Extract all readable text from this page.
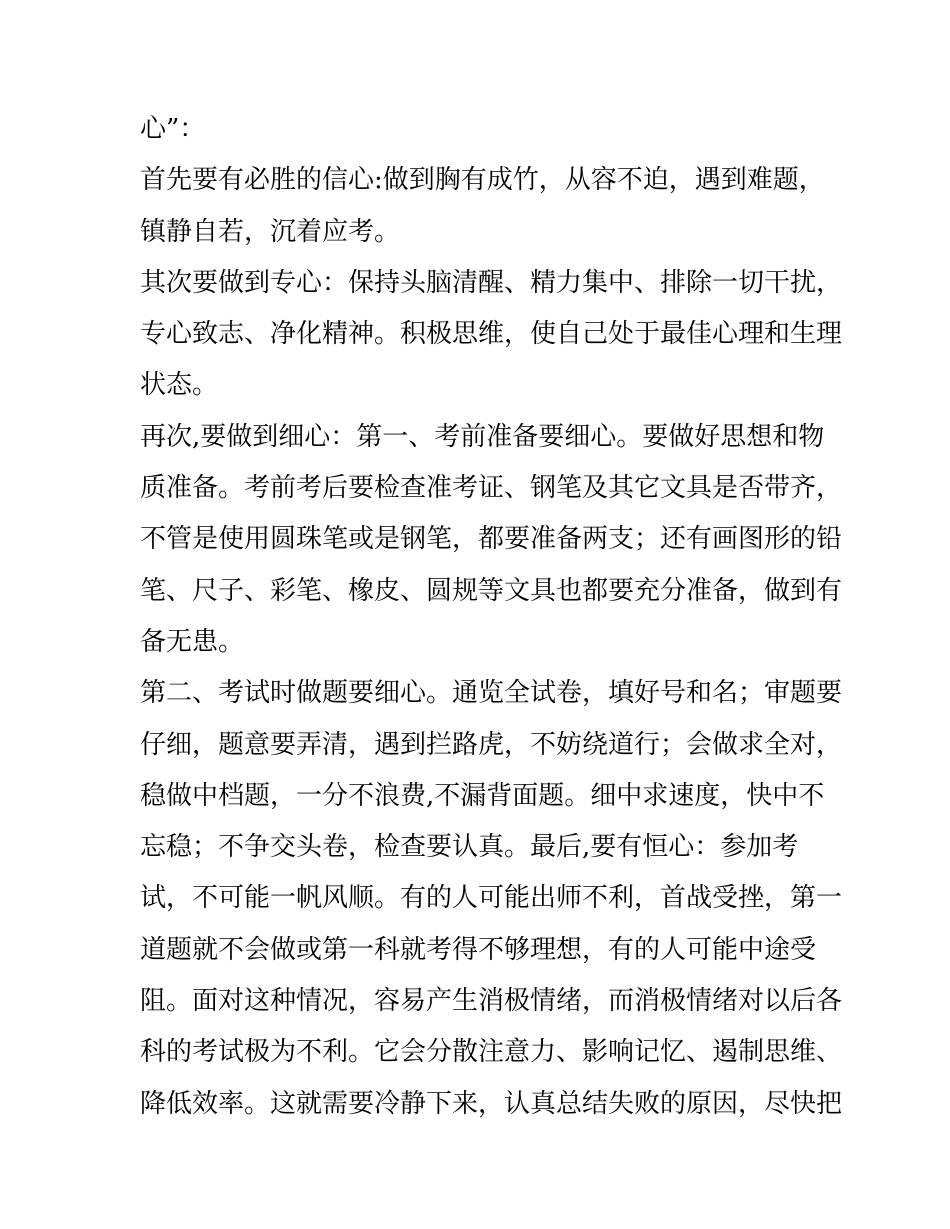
心”：
首先要有必胜的信心:做到胸有成竹，从容不迫，遇到难题，
镇静自若，沉着应考。
其次要做到专心：保持头脑清醒、精力集中、排除一切干扰，
专心致志、净化精神。积极思维，使自己处于最佳心理和生理
状态。
再次,要做到细心：第一、考前准备要细心。要做好思想和物
质准备。考前考后要检查准考证、钢笔及其它文具是否带齐，
不管是使用圆珠笔或是钢笔，都要准备两支；还有画图形的铅
笔、尺子、彩笔、橡皮、圆规等文具也都要充分准备，做到有
备无患。
第二、考试时做题要细心。通览全试卷，填好号和名；审题要
仔细，题意要弄清，遇到拦路虎，不妨绕道行；会做求全对，
稳做中档题，一分不浪费,不漏背面题。细中求速度，快中不
忘稳；不争交头卷，检查要认真。最后,要有恒心：参加考
试，不可能一帆风顺。有的人可能出师不利，首战受挫，第一
道题就不会做或第一科就考得不够理想，有的人可能中途受
阻。面对这种情况，容易产生消极情绪，而消极情绪对以后各
科的考试极为不利。它会分散注意力、影响记忆、遏制思维、
降低效率。这就需要冷静下来，认真总结失败的原因，尽快把
